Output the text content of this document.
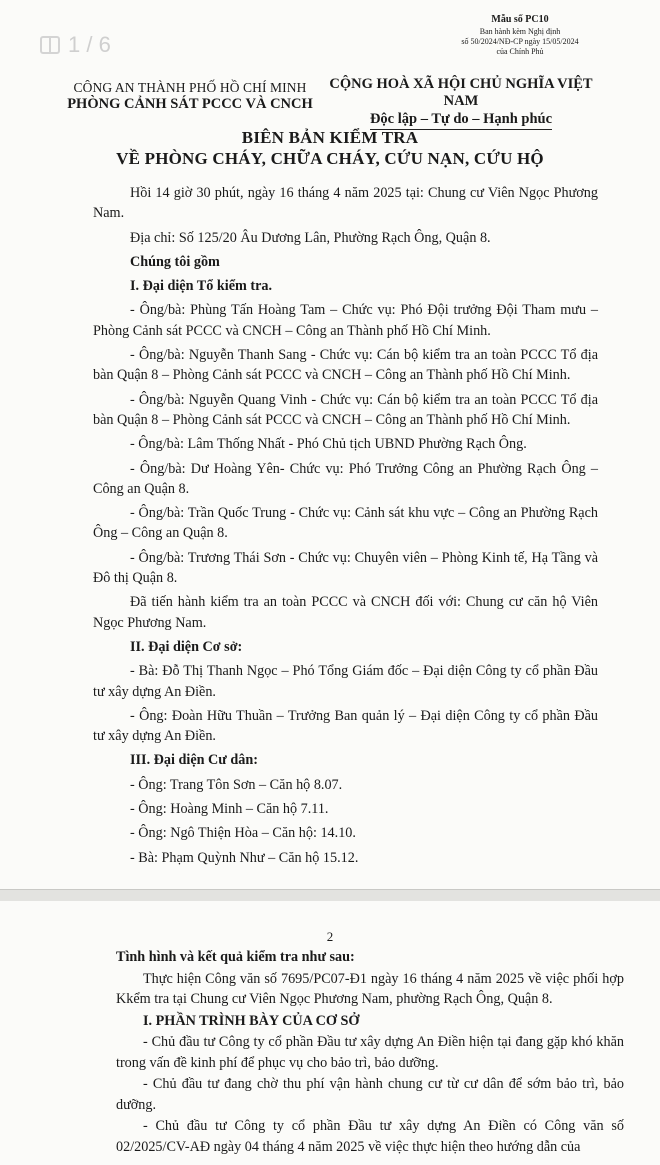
1 / 6
Mẫu số PC10
Ban hành kèm Nghị định
số 50/2024/NĐ-CP ngày 15/05/2024
của Chính Phủ
CÔNG AN THÀNH PHỐ HỒ CHÍ MINH
PHÒNG CẢNH SÁT PCCC VÀ CNCH
CỘNG HOÀ XÃ HỘI CHỦ NGHĨA VIỆT NAM
Độc lập – Tự do – Hạnh phúc
BIÊN BẢN KIỂM TRA
VỀ PHÒNG CHÁY, CHỮA CHÁY, CỨU NẠN, CỨU HỘ

Hồi 14 giờ 30 phút, ngày 16 tháng 4 năm 2025 tại: Chung cư Viên Ngọc Phương Nam.

Địa chỉ: Số 125/20 Âu Dương Lân, Phường Rạch Ông, Quận 8.

Chúng tôi gồm

I. Đại diện Tổ kiểm tra.

- Ông/bà: Phùng Tấn Hoàng Tam – Chức vụ: Phó Đội trưởng Đội Tham mưu – Phòng Cảnh sát PCCC và CNCH – Công an Thành phố Hồ Chí Minh.

- Ông/bà: Nguyễn Thanh Sang - Chức vụ: Cán bộ kiểm tra an toàn PCCC Tổ địa bàn Quận 8 – Phòng Cảnh sát PCCC và CNCH – Công an Thành phố Hồ Chí Minh.

- Ông/bà: Nguyễn Quang Vinh - Chức vụ: Cán bộ kiểm tra an toàn PCCC Tổ địa bàn Quận 8 – Phòng Cảnh sát PCCC và CNCH – Công an Thành phố Hồ Chí Minh.

- Ông/bà: Lâm Thống Nhất - Phó Chủ tịch UBND Phường Rạch Ông.

- Ông/bà: Dư Hoàng Yên- Chức vụ: Phó Trưởng Công an Phường Rạch Ông – Công an Quận 8.

- Ông/bà: Trần Quốc Trung - Chức vụ: Cảnh sát khu vực – Công an Phường Rạch Ông – Công an Quận 8.

- Ông/bà: Trương Thái Sơn - Chức vụ: Chuyên viên – Phòng Kinh tế, Hạ Tầng và Đô thị Quận 8.

Đã tiến hành kiểm tra an toàn PCCC và CNCH đối với: Chung cư căn hộ Viên Ngọc Phương Nam.

II. Đại diện Cơ sở:

- Bà: Đỗ Thị Thanh Ngọc – Phó Tổng Giám đốc – Đại diện Công ty cổ phần Đầu tư xây dựng An Điền.

- Ông: Đoàn Hữu Thuần – Trưởng Ban quản lý – Đại diện Công ty cổ phần Đầu tư xây dựng An Điền.

III. Đại diện Cư dân:

- Ông: Trang Tôn Sơn – Căn hộ 8.07.

- Ông: Hoàng Minh – Căn hộ 7.11.

- Ông: Ngô Thiện Hòa – Căn hộ: 14.10.

- Bà: Phạm Quỳnh Như – Căn hộ 15.12.

2

Tình hình và kết quả kiểm tra như sau:

Thực hiện Công văn số 7695/PC07-Đ1 ngày 16 tháng 4 năm 2025 về việc phối hợp Kkểm tra tại Chung cư Viên Ngọc Phương Nam, phường Rạch Ông, Quận 8.

I. PHẦN TRÌNH BÀY CỦA CƠ SỞ

- Chủ đầu tư Công ty cổ phần Đầu tư xây dựng An Điền hiện tại đang gặp khó khăn trong vấn đề kinh phí để phục vụ cho bảo trì, bảo dưỡng.

- Chủ đầu tư đang chờ thu phí vận hành chung cư từ cư dân để sớm bảo trì, bảo dưỡng.

- Chủ đầu tư Công ty cổ phần Đầu tư xây dựng An Điền có Công văn số 02/2025/CV-AĐ ngày 04 tháng 4 năm 2025 về việc thực hiện theo hướng dẫn của
